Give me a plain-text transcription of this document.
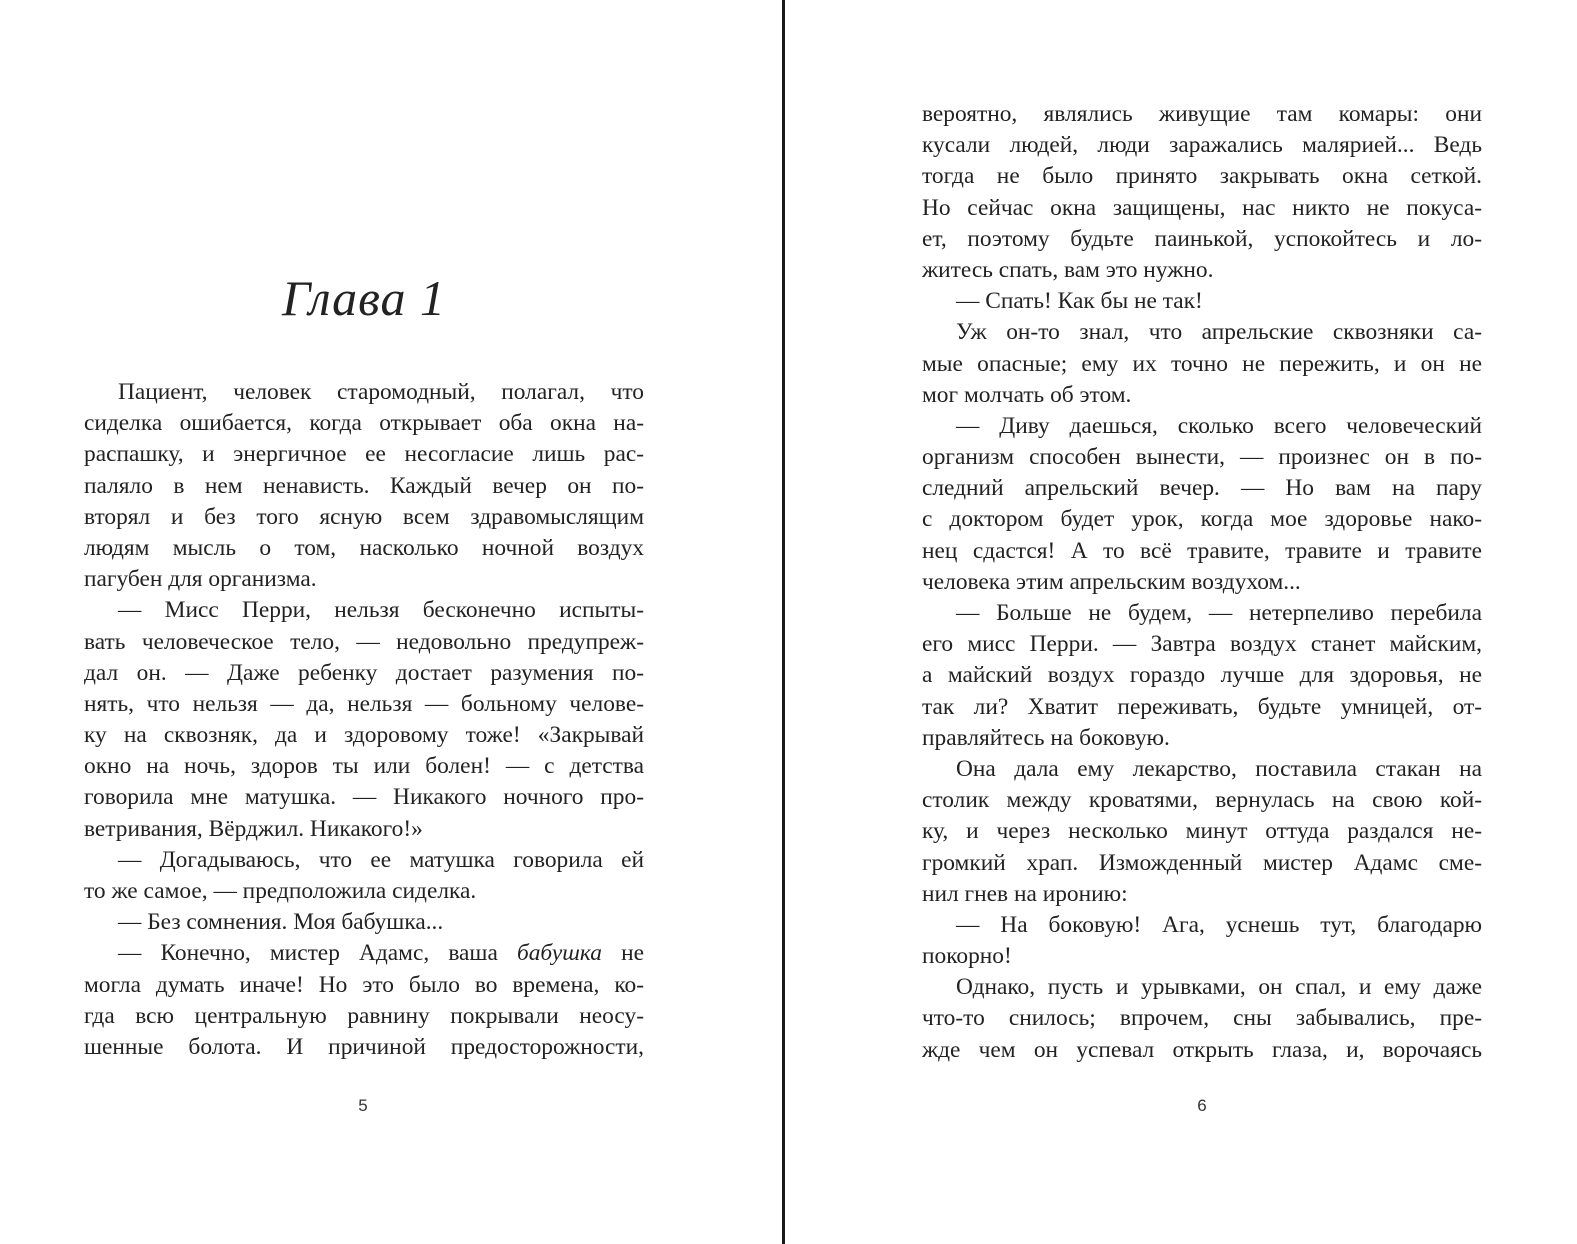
Глава 1
Пациент, человек старомодный, полагал, что
сиделка ошибается, когда открывает оба окна на-
распашку, и энергичное ее несогласие лишь рас-
паляло в нем ненависть. Каждый вечер он по-
вторял и без того ясную всем здравомыслящим
людям мысль о том, насколько ночной воздух
пагубен для организма.
— Мисс Перри, нельзя бесконечно испыты-
вать человеческое тело, — недовольно предупреж-
дал он. — Даже ребенку достает разумения по-
нять, что нельзя — да, нельзя — больному челове-
ку на сквозняк, да и здоровому тоже! «Закрывай
окно на ночь, здоров ты или болен! — с детства
говорила мне матушка. — Никакого ночного про-
ветривания, Вёрджил. Никакого!»
— Догадываюсь, что ее матушка говорила ей
то же самое, — предположила сиделка.
— Без сомнения. Моя бабушка...
— Конечно, мистер Адамс, ваша бабушка не
могла думать иначе! Но это было во времена, ко-
гда всю центральную равнину покрывали неосу-
шенные болота. И причиной предосторожности,
5
вероятно, являлись живущие там комары: они
кусали людей, люди заражались малярией... Ведь
тогда не было принято закрывать окна сеткой.
Но сейчас окна защищены, нас никто не покуса-
ет, поэтому будьте паинькой, успокойтесь и ло-
житесь спать, вам это нужно.
— Спать! Как бы не так!
Уж он-то знал, что апрельские сквозняки са-
мые опасные; ему их точно не пережить, и он не
мог молчать об этом.
— Диву даешься, сколько всего человеческий
организм способен вынести, — произнес он в по-
следний апрельский вечер. — Но вам на пару
с доктором будет урок, когда мое здоровье нако-
нец сдастся! А то всё травите, травите и травите
человека этим апрельским воздухом...
— Больше не будем, — нетерпеливо перебила
его мисс Перри. — Завтра воздух станет майским,
а майский воздух гораздо лучше для здоровья, не
так ли? Хватит переживать, будьте умницей, от-
правляйтесь на боковую.
Она дала ему лекарство, поставила стакан на
столик между кроватями, вернулась на свою кой-
ку, и через несколько минут оттуда раздался не-
громкий храп. Изможденный мистер Адамс сме-
нил гнев на иронию:
— На боковую! Ага, уснешь тут, благодарю
покорно!
Однако, пусть и урывками, он спал, и ему даже
что-то снилось; впрочем, сны забывались, пре-
жде чем он успевал открыть глаза, и, ворочаясь
6
